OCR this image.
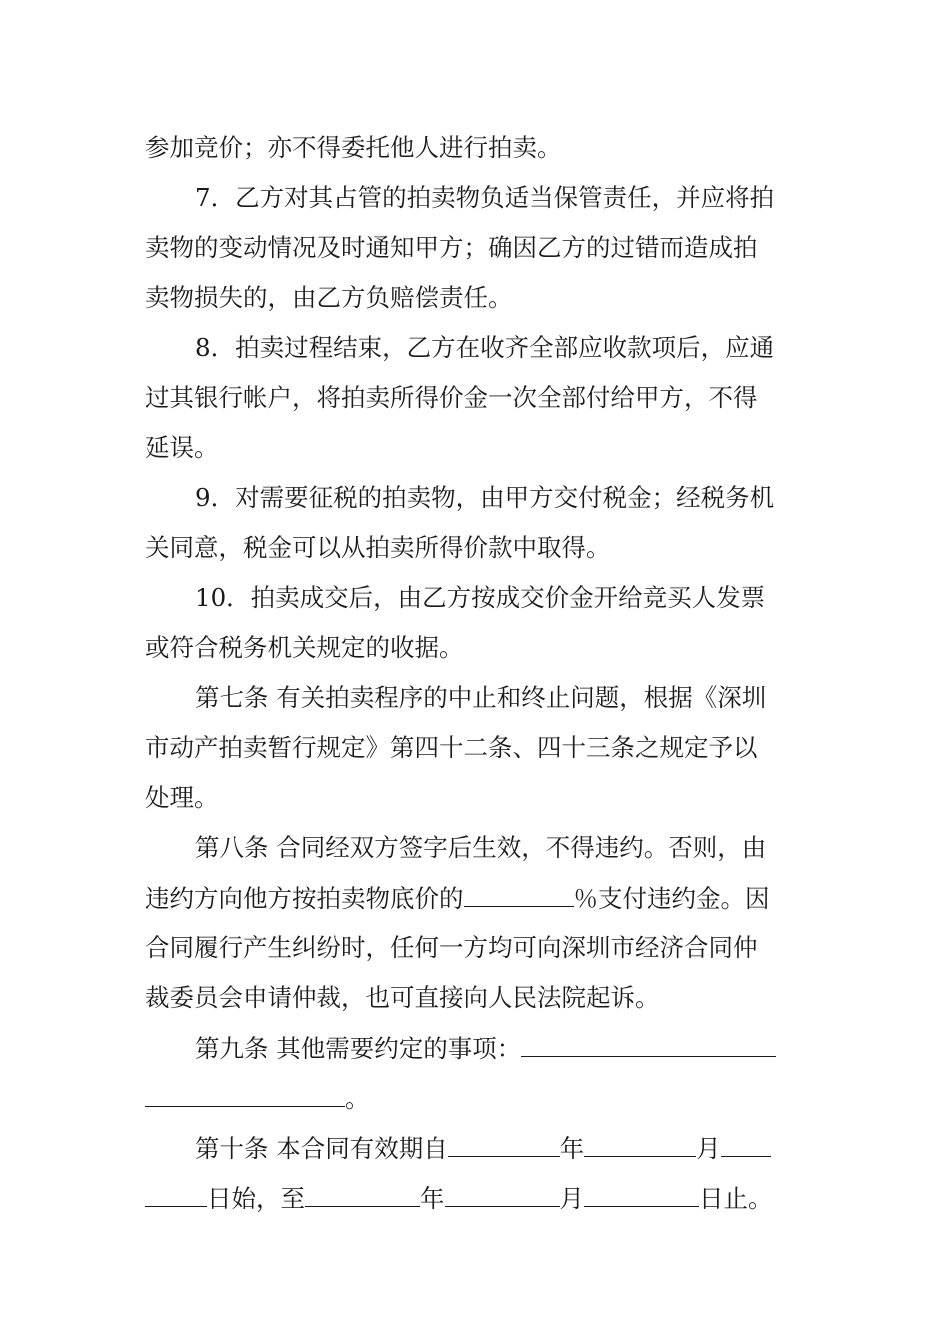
参加竞价；亦不得委托他人进行拍卖。
7．乙方对其占管的拍卖物负适当保管责任，并应将拍
卖物的变动情况及时通知甲方；确因乙方的过错而造成拍
卖物损失的，由乙方负赔偿责任。
8．拍卖过程结束，乙方在收齐全部应收款项后，应通
过其银行帐户，将拍卖所得价金一次全部付给甲方，不得
延误。
9．对需要征税的拍卖物，由甲方交付税金；经税务机
关同意，税金可以从拍卖所得价款中取得。
10．拍卖成交后，由乙方按成交价金开给竞买人发票
或符合税务机关规定的收据。
第七条 有关拍卖程序的中止和终止问题，根据《深圳
市动产拍卖暂行规定》第四十二条、四十三条之规定予以
处理。
第八条 合同经双方签字后生效，不得违约。否则，由
违约方向他方按拍卖物底价的	％支付违约金。因
合同履行产生纠纷时，任何一方均可向深圳市经济合同仲
裁委员会申请仲裁，也可直接向人民法院起诉。
第九条 其他需要约定的事项：
。
第十条 本合同有效期自	年	月
日始，至	年	月	日止。
